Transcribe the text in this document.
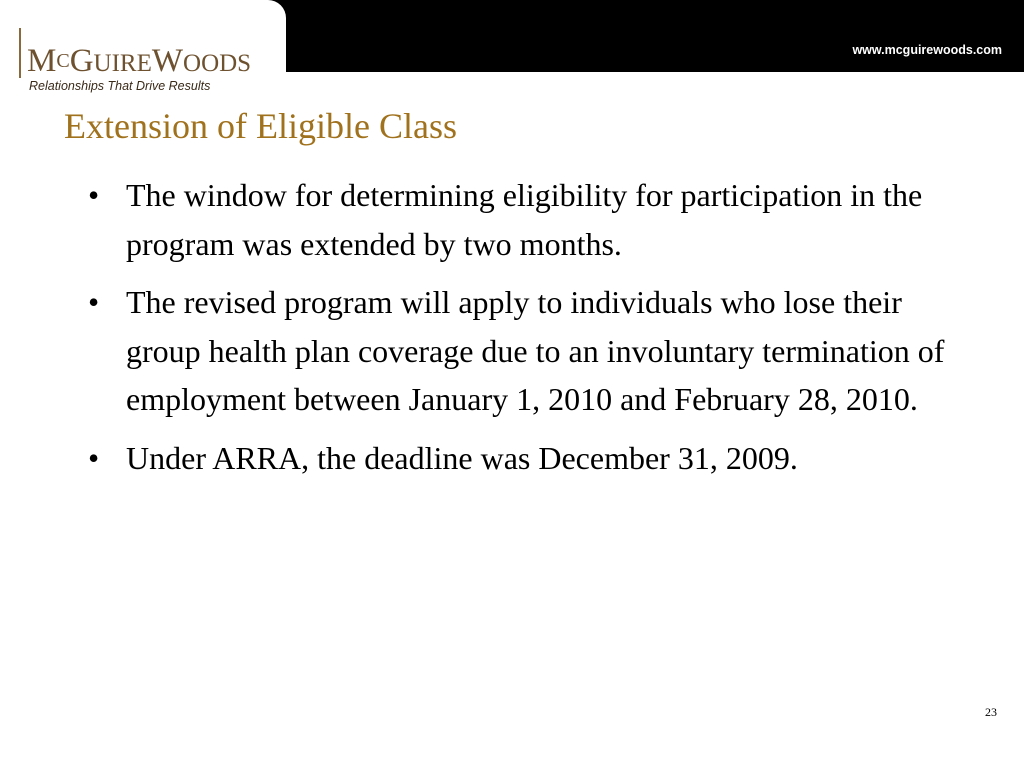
MCGUIREWOODS
Relationships That Drive Results
www.mcguirewoods.com
Extension of Eligible Class
• The window for determining eligibility for participation in the program was extended by two months.
• The revised program will apply to individuals who lose their group health plan coverage due to an involuntary termination of employment between January 1, 2010 and February 28, 2010.
• Under ARRA, the deadline was December 31, 2009.
23
